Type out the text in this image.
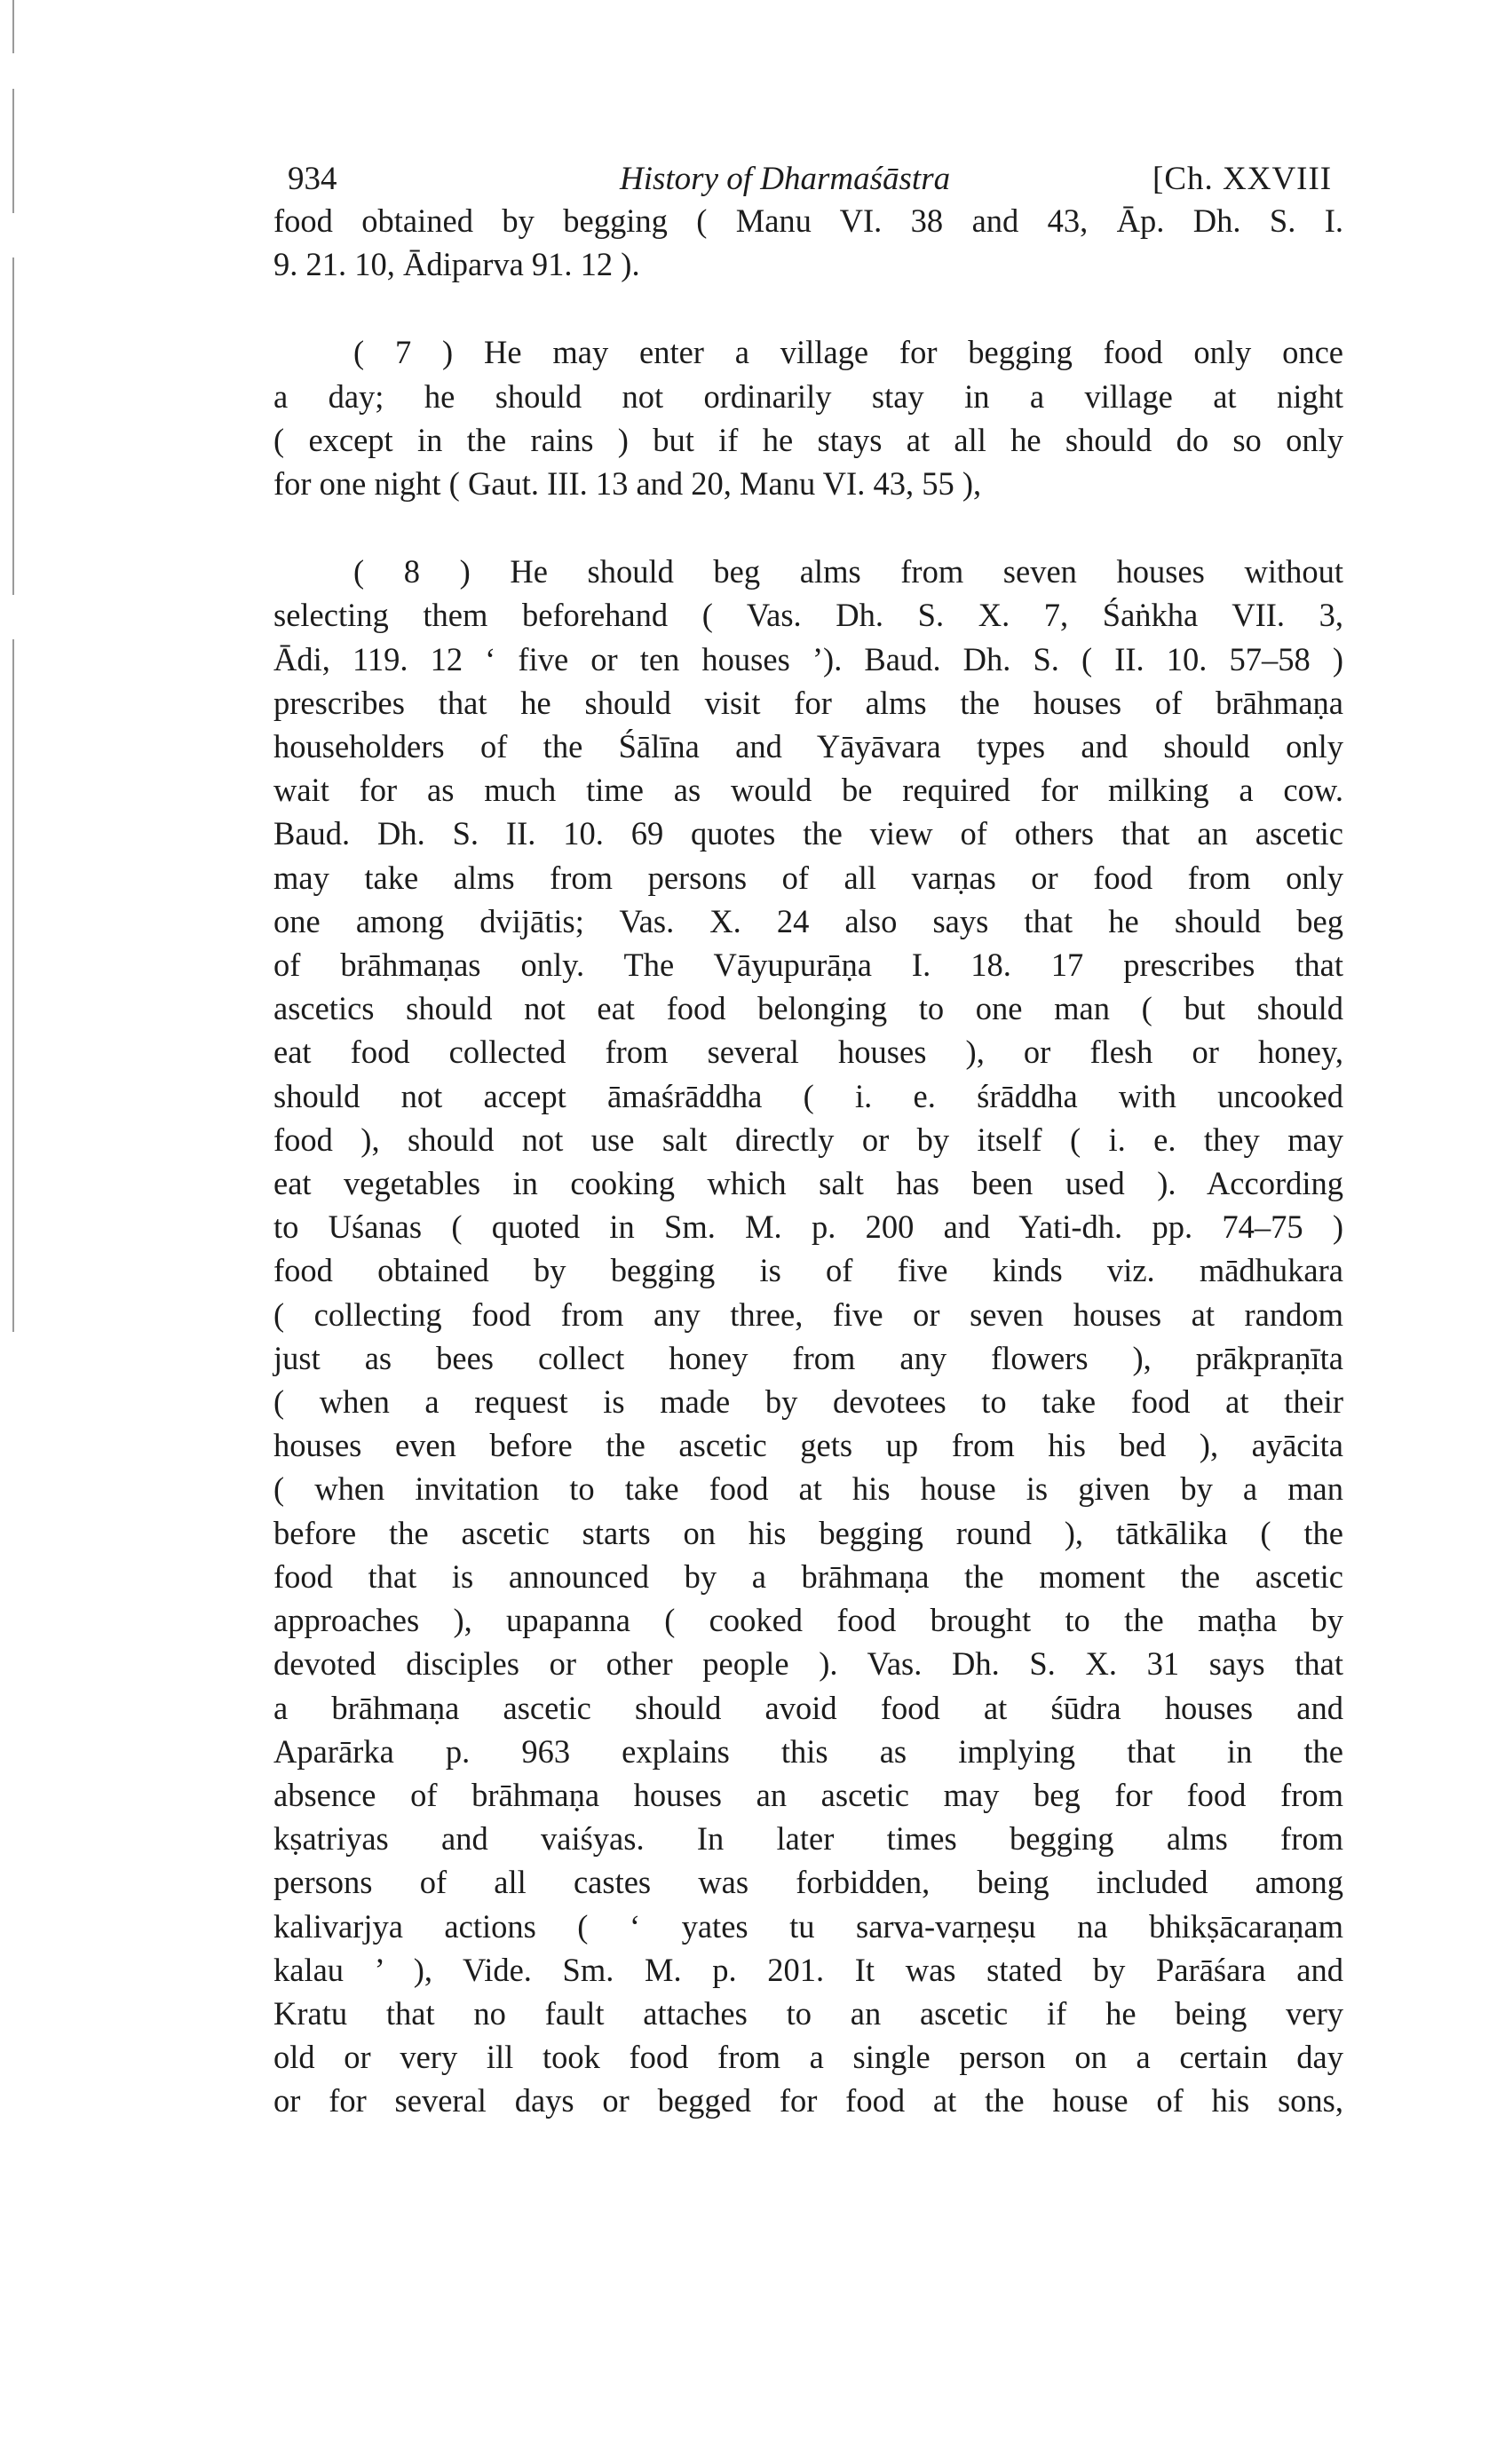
934	History of Dharmaśāstra	[Ch. XXVIII
food obtained by begging ( Manu VI. 38 and 43, Āp. Dh. S. I.
9. 21. 10, Ādiparva 91. 12 ).
( 7 ) He may enter a village for begging food only once
a day; he should not ordinarily stay in a village at night
( except in the rains ) but if he stays at all he should do so only
for one night ( Gaut. III. 13 and 20, Manu VI. 43, 55 ),
( 8 ) He should beg alms from seven houses without
selecting them beforehand ( Vas. Dh. S. X. 7, Śaṅkha VII. 3,
Ādi, 119. 12 ‘ five or ten houses ’). Baud. Dh. S. ( II. 10. 57–58 )
prescribes that he should visit for alms the houses of brāhmaṇa
householders of the Śālīna and Yāyāvara types and should only
wait for as much time as would be required for milking a cow.
Baud. Dh. S. II. 10. 69 quotes the view of others that an ascetic
may take alms from persons of all varṇas or food from only
one among dvijātis; Vas. X. 24 also says that he should beg
of brāhmaṇas only. The Vāyupurāṇa I. 18. 17 prescribes that
ascetics should not eat food belonging to one man ( but should
eat food collected from several houses ), or flesh or honey,
should not accept āmaśrāddha ( i. e. śrāddha with uncooked
food ), should not use salt directly or by itself ( i. e. they may
eat vegetables in cooking which salt has been used ). According
to Uśanas ( quoted in Sm. M. p. 200 and Yati-dh. pp. 74–75 )
food obtained by begging is of five kinds viz. mādhukara
( collecting food from any three, five or seven houses at random
just as bees collect honey from any flowers ), prākpraṇīta
( when a request is made by devotees to take food at their
houses even before the ascetic gets up from his bed ), ayācita
( when invitation to take food at his house is given by a man
before the ascetic starts on his begging round ), tātkālika ( the
food that is announced by a brāhmaṇa the moment the ascetic
approaches ), upapanna ( cooked food brought to the maṭha by
devoted disciples or other people ). Vas. Dh. S. X. 31 says that
a brāhmaṇa ascetic should avoid food at śūdra houses and
Aparārka p. 963 explains this as implying that in the
absence of brāhmaṇa houses an ascetic may beg for food from
kṣatriyas and vaiśyas. In later times begging alms from
persons of all castes was forbidden, being included among
kalivarjya actions ( ‘ yates tu sarva-varṇeṣu na bhikṣācaraṇam
kalau ’ ), Vide. Sm. M. p. 201. It was stated by Parāśara and
Kratu that no fault attaches to an ascetic if he being very
old or very ill took food from a single person on a certain day
or for several days or begged for food at the house of his sons,
